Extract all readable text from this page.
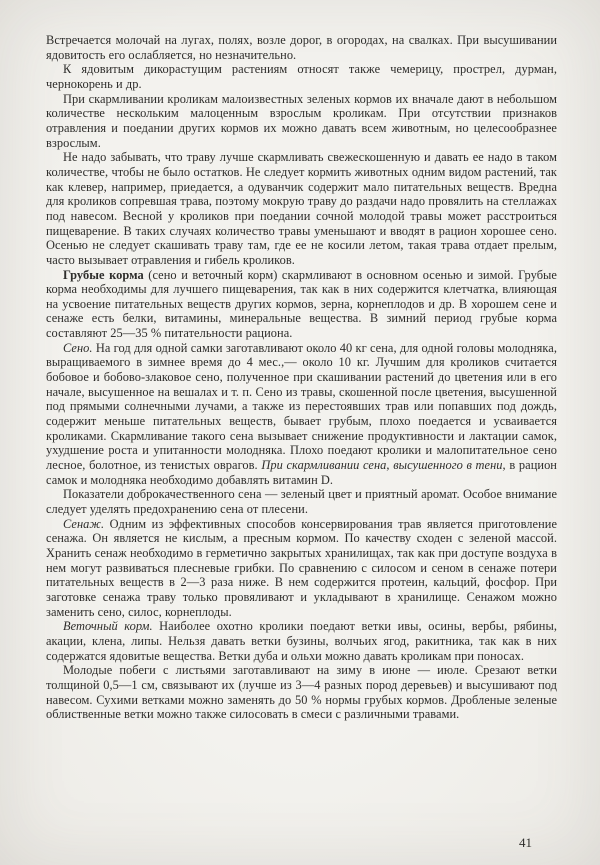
Встречается молочай на лугах, полях, возле дорог, в огородах, на свалках. При высушивании ядовитость его ослабляется, но незначительно.

К ядовитым дикорастущим растениям относят также чемерицу, прострел, дурман, чернокорень и др.

При скармливании кроликам малоизвестных зеленых кормов их вначале дают в небольшом количестве нескольким малоценным взрослым кроликам. При отсутствии признаков отравления и поедании других кормов их можно давать всем животным, но целесообразнее взрослым.

Не надо забывать, что траву лучше скармливать свежескошенную и давать ее надо в таком количестве, чтобы не было остатков. Не следует кормить животных одним видом растений, так как клевер, например, приедается, а одуванчик содержит мало питательных веществ. Вредна для кроликов сопревшая трава, поэтому мокрую траву до раздачи надо провялить на стеллажах под навесом. Весной у кроликов при поедании сочной молодой травы может расстроиться пищеварение. В таких случаях количество травы уменьшают и вводят в рацион хорошее сено. Осенью не следует скашивать траву там, где ее не косили летом, такая трава отдает прелым, часто вызывает отравления и гибель кроликов.

Грубые корма (сено и веточный корм) скармливают в основном осенью и зимой. Грубые корма необходимы для лучшего пищеварения, так как в них содержится клетчатка, влияющая на усвоение питательных веществ других кормов, зерна, корнеплодов и др. В хорошем сене и сенаже есть белки, витамины, минеральные вещества. В зимний период грубые корма составляют 25—35 % питательности рациона.

Сено. На год для одной самки заготавливают около 40 кг сена, для одной головы молодняка, выращиваемого в зимнее время до 4 мес.,— около 10 кг. Лучшим для кроликов считается бобовое и бобово-злаковое сено, полученное при скашивании растений до цветения или в его начале, высушенное на вешалах и т. п. Сено из травы, скошенной после цветения, высушенной под прямыми солнечными лучами, а также из перестоявших трав или попавших под дождь, содержит меньше питательных веществ, бывает грубым, плохо поедается и усваивается кроликами. Скармливание такого сена вызывает снижение продуктивности и лактации самок, ухудшение роста и упитанности молодняка. Плохо поедают кролики и малопитательное сено лесное, болотное, из тенистых оврагов. При скармливании сена, высушенного в тени, в рацион самок и молодняка необходимо добавлять витамин D.

Показатели доброкачественного сена — зеленый цвет и приятный аромат. Особое внимание следует уделять предохранению сена от плесени.

Сенаж. Одним из эффективных способов консервирования трав является приготовление сенажа. Он является не кислым, а пресным кормом. По качеству сходен с зеленой массой. Хранить сенаж необходимо в герметично закрытых хранилищах, так как при доступе воздуха в нем могут развиваться плесневые грибки. По сравнению с силосом и сеном в сенаже потери питательных веществ в 2—3 раза ниже. В нем содержится протеин, кальций, фосфор. При заготовке сенажа траву только провяливают и укладывают в хранилище. Сенажом можно заменить сено, силос, корнеплоды.

Веточный корм. Наиболее охотно кролики поедают ветки ивы, осины, вербы, рябины, акации, клена, липы. Нельзя давать ветки бузины, волчьих ягод, ракитника, так как в них содержатся ядовитые вещества. Ветки дуба и ольхи можно давать кроликам при поносах.

Молодые побеги с листьями заготавливают на зиму в июне — июле. Срезают ветки толщиной 0,5—1 см, связывают их (лучше из 3—4 разных пород деревьев) и высушивают под навесом. Сухими ветками можно заменять до 50 % нормы грубых кормов. Дробленые зеленые облиственные ветки можно также силосовать в смеси с различными травами.

41
